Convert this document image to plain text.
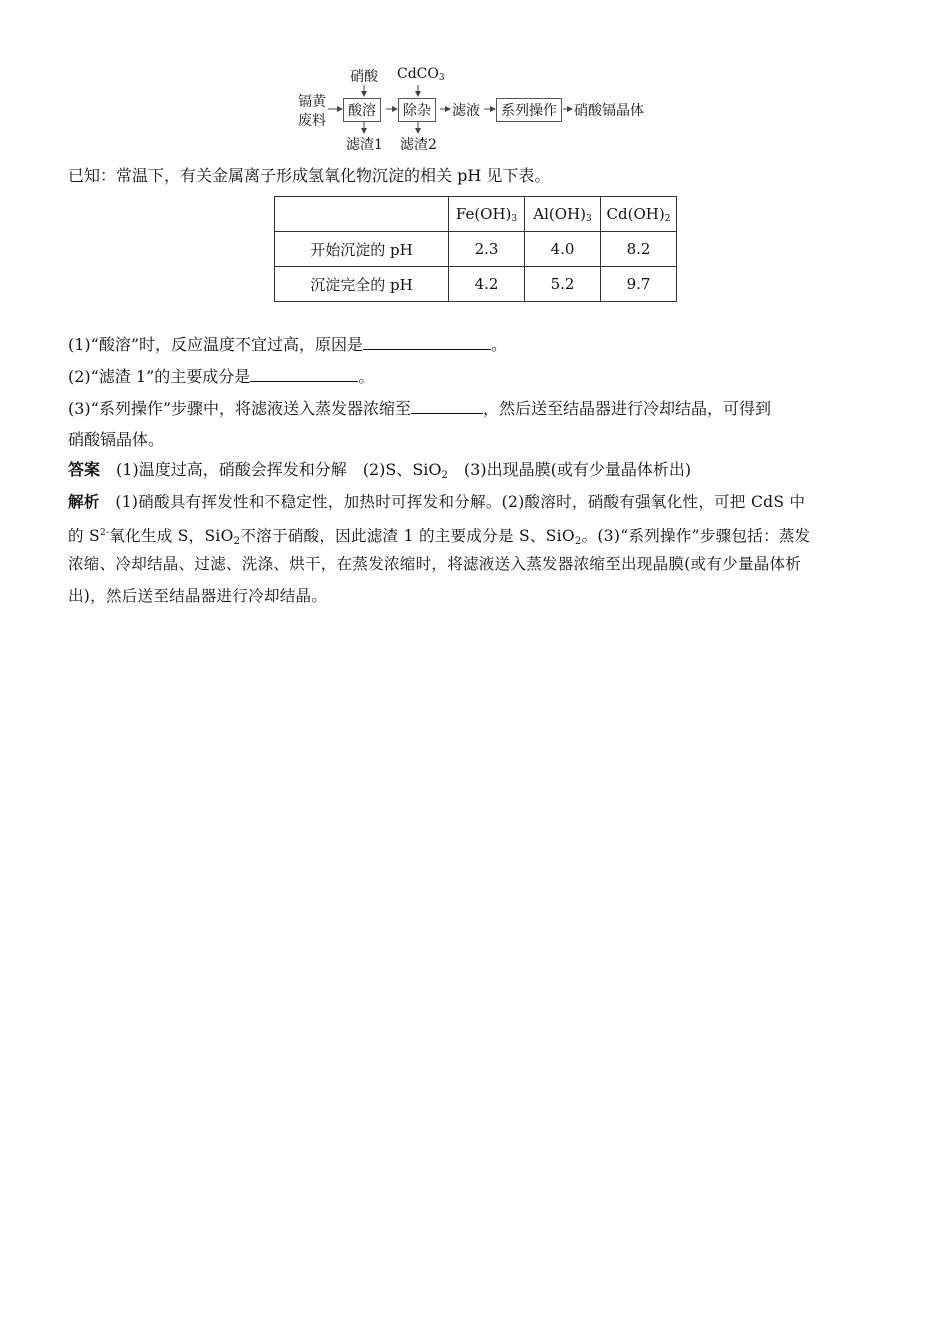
镉黄
废料
硝酸 CdCO$_3$
酸溶	除杂	滤液	系列操作	硝酸镉晶体
滤渣1 滤渣2
已知：常温下，有关金属离子形成氢氧化物沉淀的相关 pH 见下表。
	$Fe(OH)_3$	$Al(OH)_3$	$Cd(OH)_2$
开始沉淀的 pH	2.3	4.0	8.2
沉淀完全的 pH	4.2	5.2	9.7
(1)“酸溶”时，反应温度不宜过高，原因是	。
(2)“滤渣 1”的主要成分是	。
(3)“系列操作”步骤中，将滤液送入蒸发器浓缩至	，然后送至结晶器进行冷却结晶，可得到
硝酸镉晶体。
答案　 (1)温度过高，硝酸会挥发和分解　(2)S、SiO2　(3)出现晶膜(或有少量晶体析出)
解析　 (1)硝酸具有挥发性和不稳定性，加热时可挥发和分解。(2)酸溶时，硝酸有强氧化性，可把 CdS 中
的 $S^{2-}$氧化生成 S，SiO2不溶于硝酸，因此滤渣 1 的主要成分是 S、SiO2。(3)“系列操作”步骤包括：蒸发
浓缩、冷却结晶、过滤、洗涤、烘干，在蒸发浓缩时，将滤液送入蒸发器浓缩至出现晶膜(或有少量晶体析
出)，然后送至结晶器进行冷却结晶。
